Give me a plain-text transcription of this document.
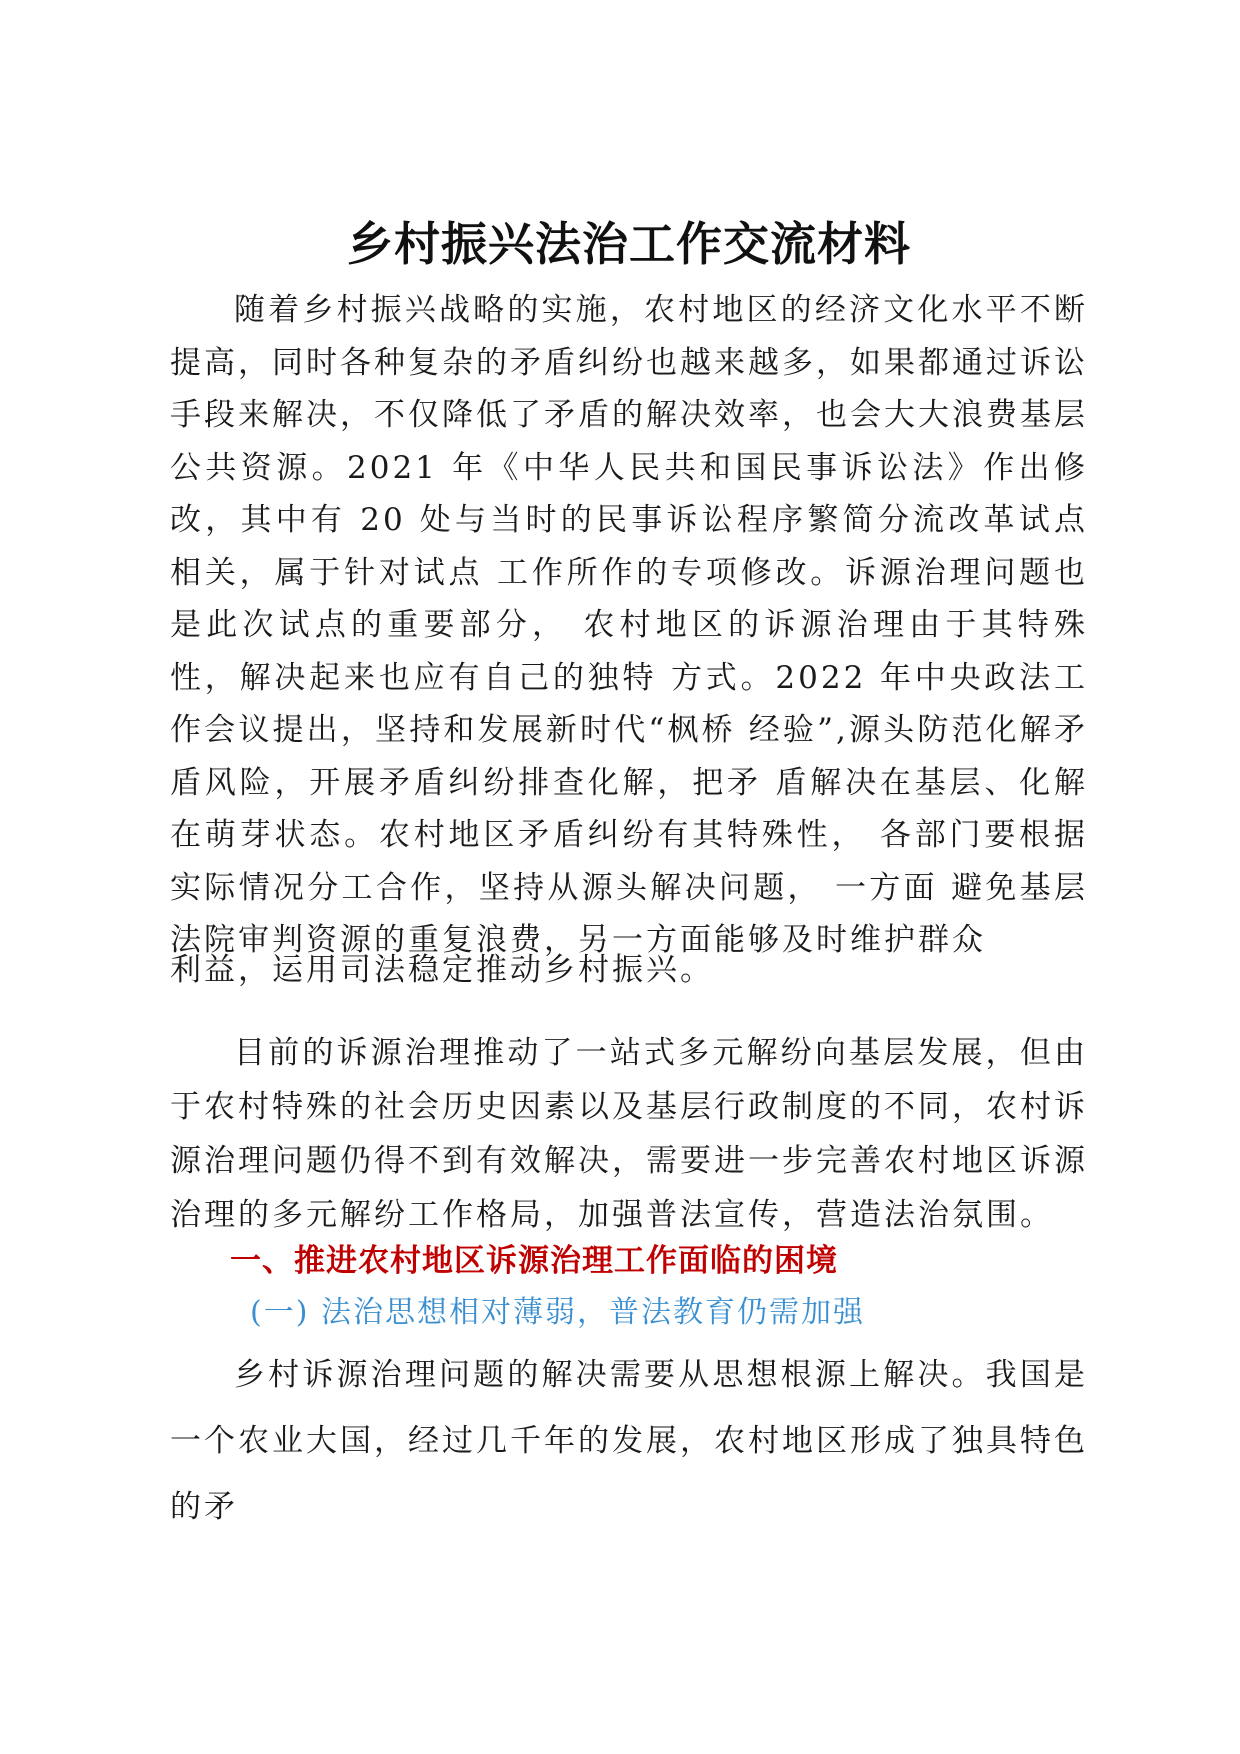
乡村振兴法治工作交流材料

随着乡村振兴战略的实施，农村地区的经济文化水平不断提高，同时各种复杂的矛盾纠纷也越来越多，如果都通过诉讼手段来解决，不仅降低了矛盾的解决效率，也会大大浪费基层公共资源。2021 年《中华人民共和国民事诉讼法》作出修改，其中有 20 处与当时的民事诉讼程序繁简分流改革试点相关，属于针对试点 工作所作的专项修改。诉源治理问题也是此次试点的重要部分， 农村地区的诉源治理由于其特殊性，解决起来也应有自己的独特 方式。2022 年中央政法工作会议提出，坚持和发展新时代“枫桥 经验”,源头防范化解矛盾风险，开展矛盾纠纷排查化解，把矛 盾解决在基层、化解在萌芽状态。农村地区矛盾纠纷有其特殊性， 各部门要根据实际情况分工合作，坚持从源头解决问题， 一方面 避免基层法院审判资源的重复浪费，另一方面能够及时维护群众

利益，运用司法稳定推动乡村振兴。

目前的诉源治理推动了一站式多元解纷向基层发展，但由于农村特殊的社会历史因素以及基层行政制度的不同，农村诉源治理问题仍得不到有效解决，需要进一步完善农村地区诉源治理的多元解纷工作格局，加强普法宣传，营造法治氛围。

一、推进农村地区诉源治理工作面临的困境
(一) 法治思想相对薄弱，普法教育仍需加强

乡村诉源治理问题的解决需要从思想根源上解决。我国是一个农业大国，经过几千年的发展，农村地区形成了独具特色的矛
